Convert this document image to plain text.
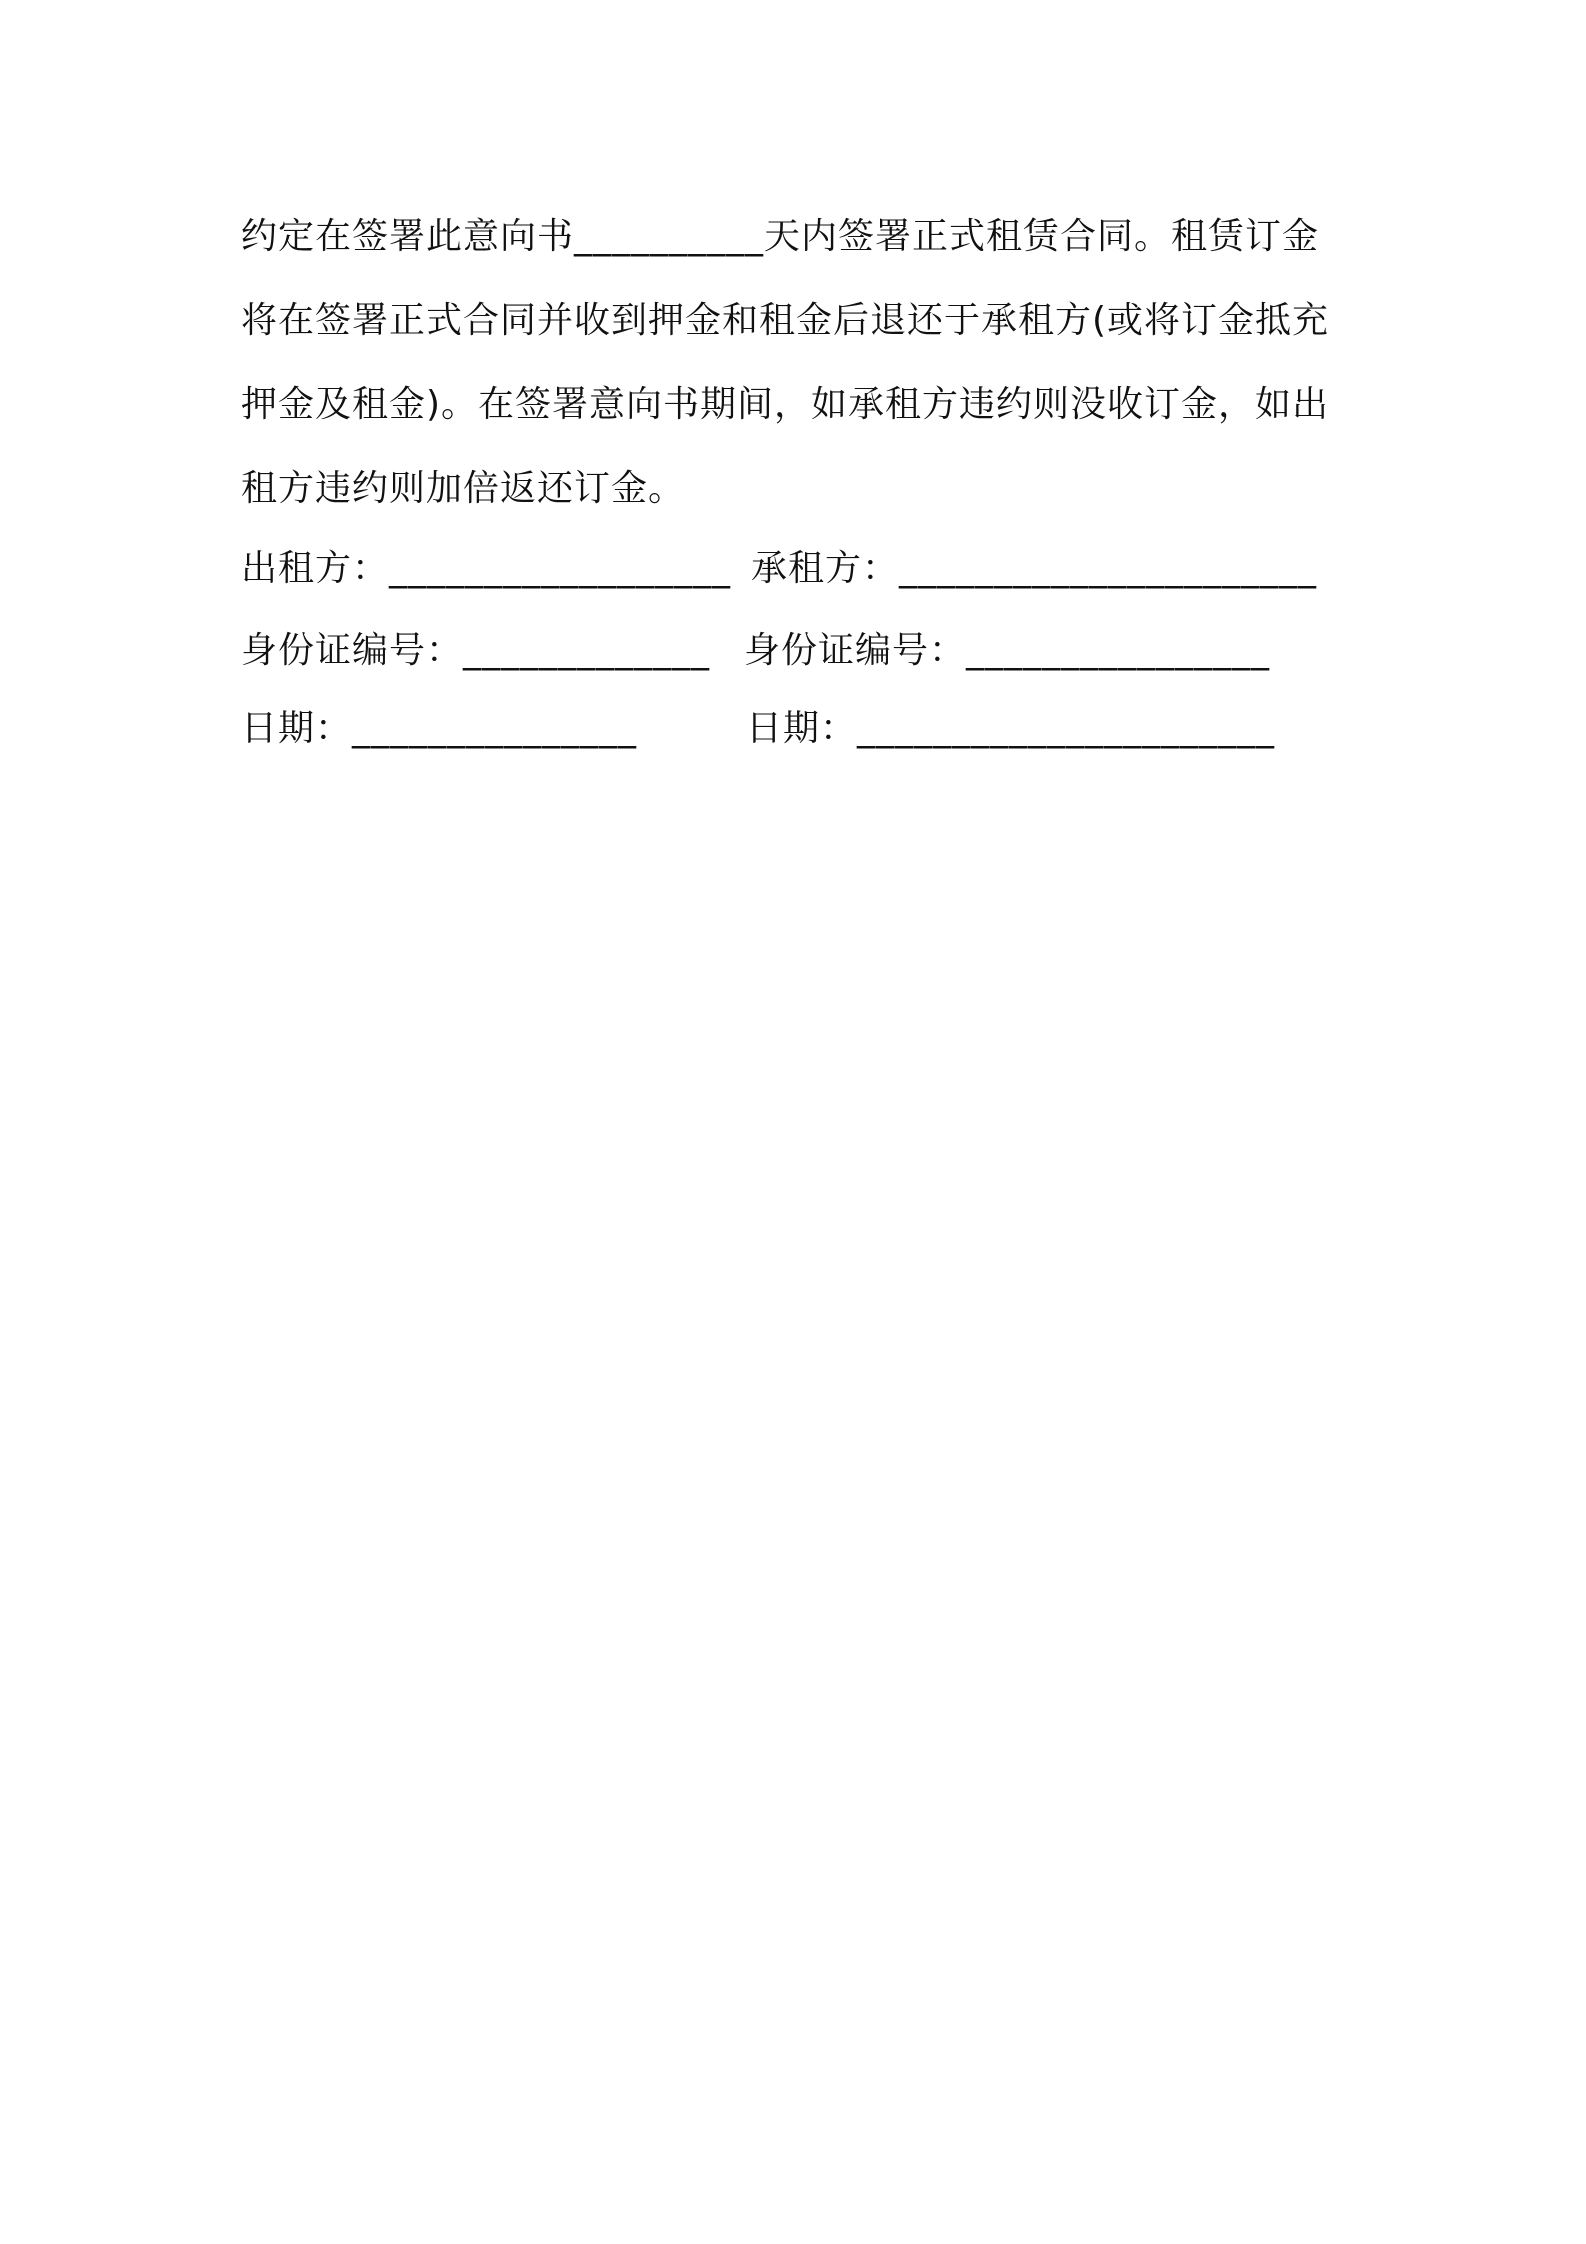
约定在签署此意向书__________天内签署正式租赁合同。租赁订金
将在签署正式合同并收到押金和租金后退还于承租方(或将订金抵充
押金及租金)。在签署意向书期间，如承租方违约则没收订金，如出
租方违约则加倍返还订金。

出租方：__________________

承租方：______________________

身份证编号：_____________

身份证编号：________________

日期：_______________

	日期：______________________
